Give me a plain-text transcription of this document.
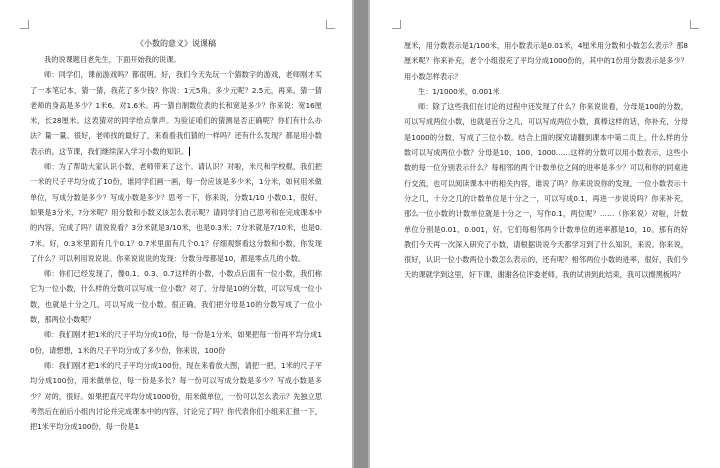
《小数的意义》说课稿

我的说课题目老先生，下面开始我的说课。

师：同学们，课前游戏吗？都很明。好，我们今天先玩一个猜数字的游戏，老师刚才买了一本笔记本，猜一猜，我花了多少钱？你说：1元5角，多少元呢？2.5元，再来，猜一猜老师的身高是多少？1米6。对1.6米。再一猜自制数位表的长和宽是多少？你来说：宽16厘米，长28厘米。这表猜对的同学给点掌声。为验证咱们的猜测是否正确呢？你们有什么办法？量一量。很好，老师找的最好了，来看看我们猜的一样吗？还有什么发现？都是用小数表示的。这节课，我们继续深入学习小数的知识。

师：为了帮助大家认识小数，老师带来了这个。请认识？对啦，米尺和学校棍，我们把一米的尺子平均分成了10份，谁同学们画一画，每一份应该是多少米，1分米，如何用米做单位，写成分数是多少？写成小数是多少？思考一下，你来说，分数1/10 小数0.1，很好，如果是3分米，?分米呢？用分数和小数又该怎么表示呢？请同学们自己思考和在完成课本中的内容，完成了吗？请说说看？3分米就是3/10米，也是0.3米；7分米就是7/10米，也是0.7米。好，0.3米里面有几个0.1？0.7米里面有几个0.1？仔细观察看这分数和小数，你发现了什么？可以利用说说说。你来说说说的发现：分数分母都是10，都是零点几的小数。

师：你们已经发现了，像0.1、0.3、0.7这样的小数，小数点后面有一位小数，我们称它为一位小数，什么样的分数可以写成一位小数？对了，分母是10的分数，可以写成一位小数，也就是十分之几，可以写成一位小数。很正确，我们把分母是10的分数写成了一位小数，那两位小数呢？

师：我们刚才把1米的尺子平均分成10份，每一份是1分米，如果把每一份再平均分成10份，请想想，1米的尺子平均分成了多少份，你来说，100份

师：我们刚才把1米的尺子平均分成100份，现在来看放大图，请把一把，1米的尺子平均分成100份，用米做单位，每一份是多长？每一份可以写成分数是多少？写成小数是多少？对的，很好。如果把直尺平均分成1000份，用米做单位，一份可以怎么表示？先独立思考然后在前后小组内讨论并完成课本中的内容，讨论完了吗？你代表你们小组来汇报一下，把1米平均分成100份，每一份是1

厘米，用分数表示是1/100米，用小数表示是0.01米，4厘米用分数和小数怎么表示？那8厘米呢？你来补充，老个小组很充了平均分成1000份的，其中的1份用分数表示是多少？用小数怎样表示？

生：1/1000米，0.001米

师：除了这些我们在讨论的过程中还发现了什么？你来说说看，分母是100的分数，可以写成两位小数，也就是百分之几，可以写成两位小数，真棒这样的话，你补充，分母是1000的分数，写成了三位小数。结合上面的探究请翻到课本中第二页上，什么样的分数可以写成两位小数？分母是10、100、1000……这样的分数可以用小数表示，这些小数的每一位分别表示什么？每相邻的两个计数单位之间的进率是多少？可以和你的同桌进行交流，也可以阅读课本中的相关内容，谁说了吗？你来说说你的发现，一位小数表示十分之几，十分之几的计数单位是十分之一，可以写成0.1，再进一步说说吗？你来补充，那么一位小数的计数单位就是十分之一，写作0.1，两位呢？……（你来说）对啦，计数单位分别是0.01、0.001，好。它们每相邻两个计数单位的进率都是10，10。那有的好教们今天再一次深入研究了小数，请根据说说今天都学习到了什么知识，来说。你来说，很好，认识一位小数两位小数怎么表示的，还有呢？相邻两位小数的进率，很好，我们今天的课就学到这里，好下课，谢谢各位评委老师，我的试讲到此结束，我可以擦黑板吗？
